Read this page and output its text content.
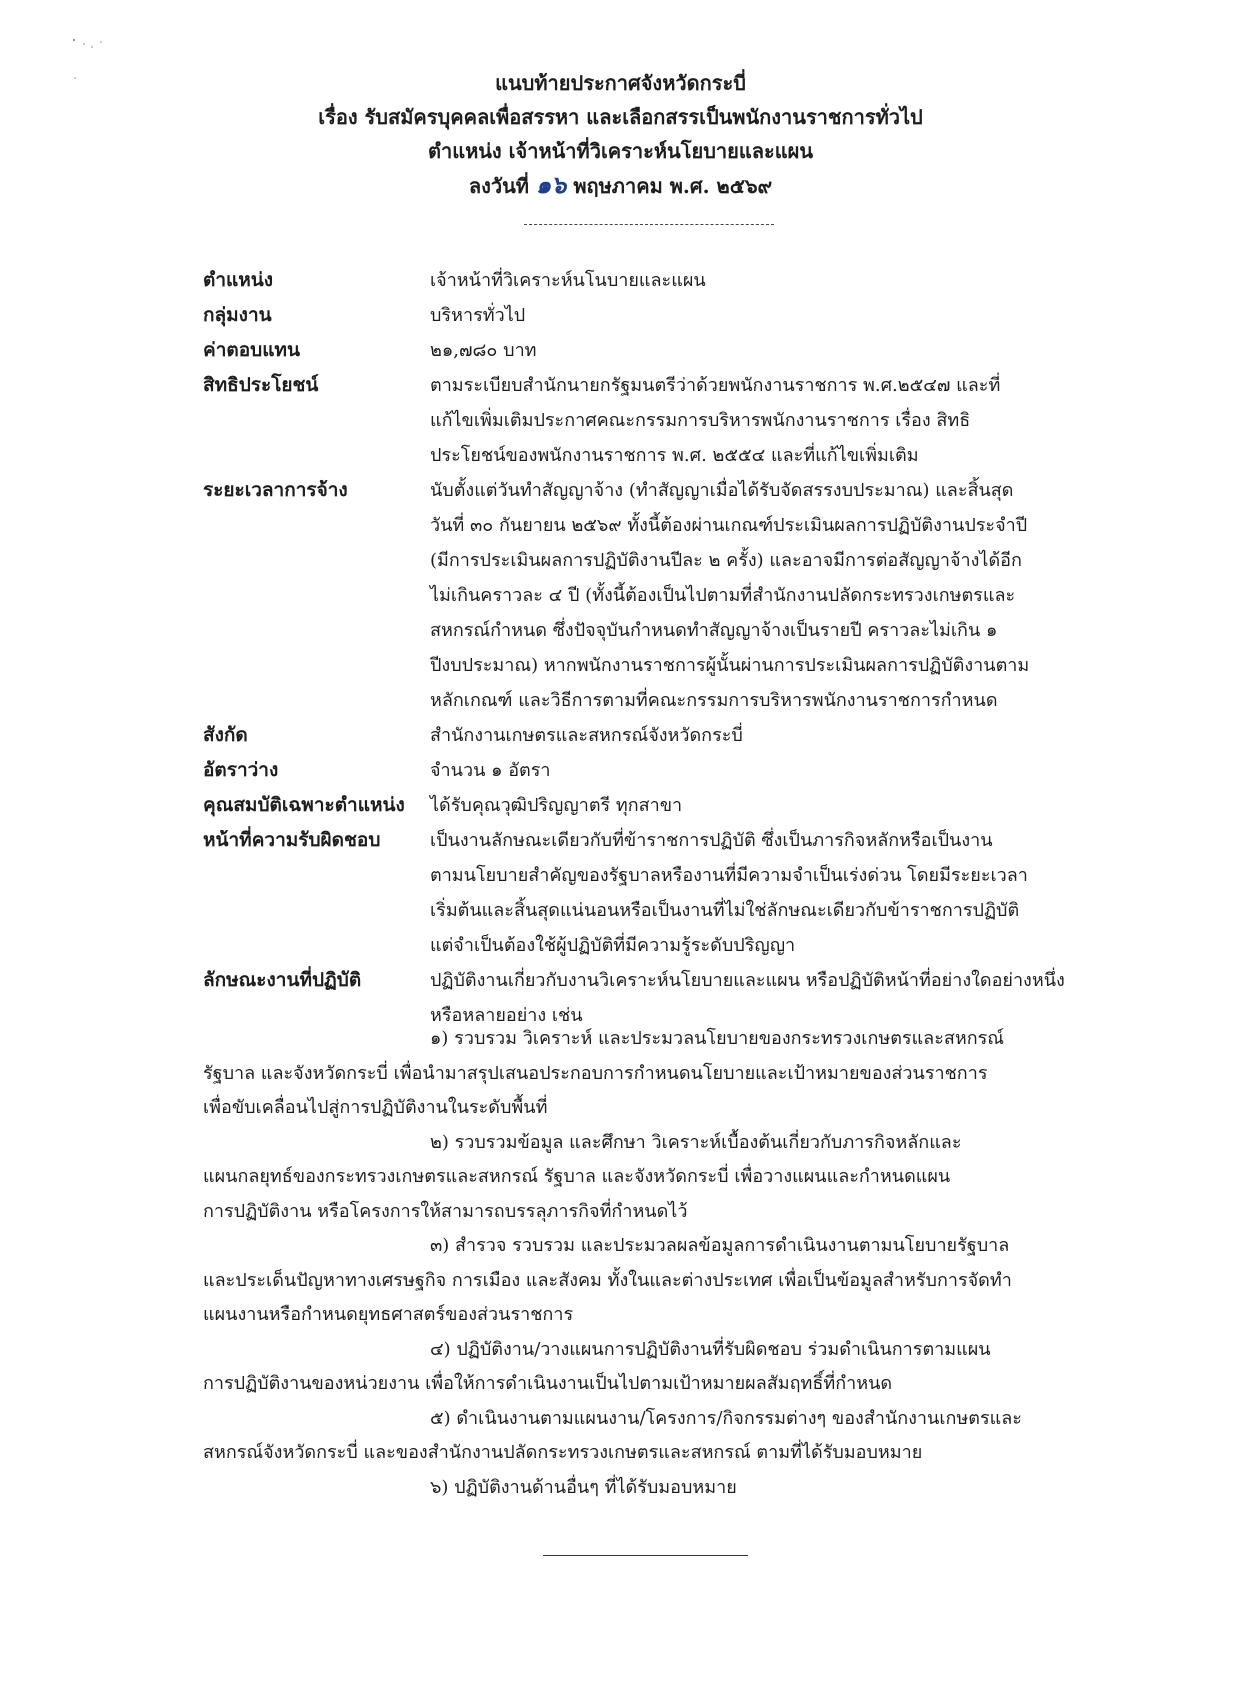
แนบท้ายประกาศจังหวัดกระบี่
เรื่อง รับสมัครบุคคลเพื่อสรรหา และเลือกสรรเป็นพนักงานราชการทั่วไป
ตำแหน่ง เจ้าหน้าที่วิเคราะห์นโยบายและแผน
ลงวันที่ ๑๖ พฤษภาคม พ.ศ. ๒๕๖๙
ตำแหน่ง	เจ้าหน้าที่วิเคราะห์นโนบายและแผน
กลุ่มงาน	บริหารทั่วไป
ค่าตอบแทน	๒๑,๗๘๐ บาท
สิทธิประโยชน์	ตามระเบียบสำนักนายกรัฐมนตรีว่าด้วยพนักงานราชการ พ.ศ.๒๕๔๗ และที่
แก้ไขเพิ่มเติมประกาศคณะกรรมการบริหารพนักงานราชการ เรื่อง สิทธิ
ประโยชน์ของพนักงานราชการ พ.ศ. ๒๕๕๔ และที่แก้ไขเพิ่มเติม
ระยะเวลาการจ้าง	นับตั้งแต่วันทำสัญญาจ้าง (ทำสัญญาเมื่อได้รับจัดสรรงบประมาณ) และสิ้นสุด
วันที่ ๓๐ กันยายน ๒๕๖๙ ทั้งนี้ต้องผ่านเกณฑ์ประเมินผลการปฏิบัติงานประจำปี
(มีการประเมินผลการปฏิบัติงานปีละ ๒ ครั้ง) และอาจมีการต่อสัญญาจ้างได้อีก
ไม่เกินคราวละ ๔ ปี (ทั้งนี้ต้องเป็นไปตามที่สำนักงานปลัดกระทรวงเกษตรและ
สหกรณ์กำหนด ซึ่งปัจจุบันกำหนดทำสัญญาจ้างเป็นรายปี คราวละไม่เกิน ๑
ปีงบประมาณ) หากพนักงานราชการผู้นั้นผ่านการประเมินผลการปฏิบัติงานตาม
หลักเกณฑ์ และวิธีการตามที่คณะกรรมการบริหารพนักงานราชการกำหนด
สังกัด	สำนักงานเกษตรและสหกรณ์จังหวัดกระบี่
อัตราว่าง	จำนวน ๑ อัตรา
คุณสมบัติเฉพาะตำแหน่ง	ได้รับคุณวุฒิปริญญาตรี ทุกสาขา
หน้าที่ความรับผิดชอบ	เป็นงานลักษณะเดียวกับที่ข้าราชการปฏิบัติ ซึ่งเป็นภารกิจหลักหรือเป็นงาน
ตามนโยบายสำคัญของรัฐบาลหรืองานที่มีความจำเป็นเร่งด่วน โดยมีระยะเวลา
เริ่มต้นและสิ้นสุดแน่นอนหรือเป็นงานที่ไม่ใช่ลักษณะเดียวกับข้าราชการปฏิบัติ
แต่จำเป็นต้องใช้ผู้ปฏิบัติที่มีความรู้ระดับปริญญา
ลักษณะงานที่ปฏิบัติ	ปฏิบัติงานเกี่ยวกับงานวิเคราะห์นโยบายและแผน หรือปฏิบัติหน้าที่อย่างใดอย่างหนึ่ง
หรือหลายอย่าง เช่น
๑) รวบรวม วิเคราะห์ และประมวลนโยบายของกระทรวงเกษตรและสหกรณ์
รัฐบาล และจังหวัดกระบี่ เพื่อนำมาสรุปเสนอประกอบการกำหนดนโยบายและเป้าหมายของส่วนราชการ
เพื่อขับเคลื่อนไปสู่การปฏิบัติงานในระดับพื้นที่
๒) รวบรวมข้อมูล และศึกษา วิเคราะห์เบื้องต้นเกี่ยวกับภารกิจหลักและ
แผนกลยุทธ์ของกระทรวงเกษตรและสหกรณ์ รัฐบาล และจังหวัดกระบี่ เพื่อวางแผนและกำหนดแผน
การปฏิบัติงาน หรือโครงการให้สามารถบรรลุภารกิจที่กำหนดไว้
๓) สำรวจ รวบรวม และประมวลผลข้อมูลการดำเนินงานตามนโยบายรัฐบาล
และประเด็นปัญหาทางเศรษฐกิจ การเมือง และสังคม ทั้งในและต่างประเทศ เพื่อเป็นข้อมูลสำหรับการจัดทำ
แผนงานหรือกำหนดยุทธศาสตร์ของส่วนราชการ
๔) ปฏิบัติงาน/วางแผนการปฏิบัติงานที่รับผิดชอบ ร่วมดำเนินการตามแผน
การปฏิบัติงานของหน่วยงาน เพื่อให้การดำเนินงานเป็นไปตามเป้าหมายผลสัมฤทธิ์ที่กำหนด
๕) ดำเนินงานตามแผนงาน/โครงการ/กิจกรรมต่างๆ ของสำนักงานเกษตรและ
สหกรณ์จังหวัดกระบี่ และของสำนักงานปลัดกระทรวงเกษตรและสหกรณ์ ตามที่ได้รับมอบหมาย
๖) ปฏิบัติงานด้านอื่นๆ ที่ได้รับมอบหมาย
